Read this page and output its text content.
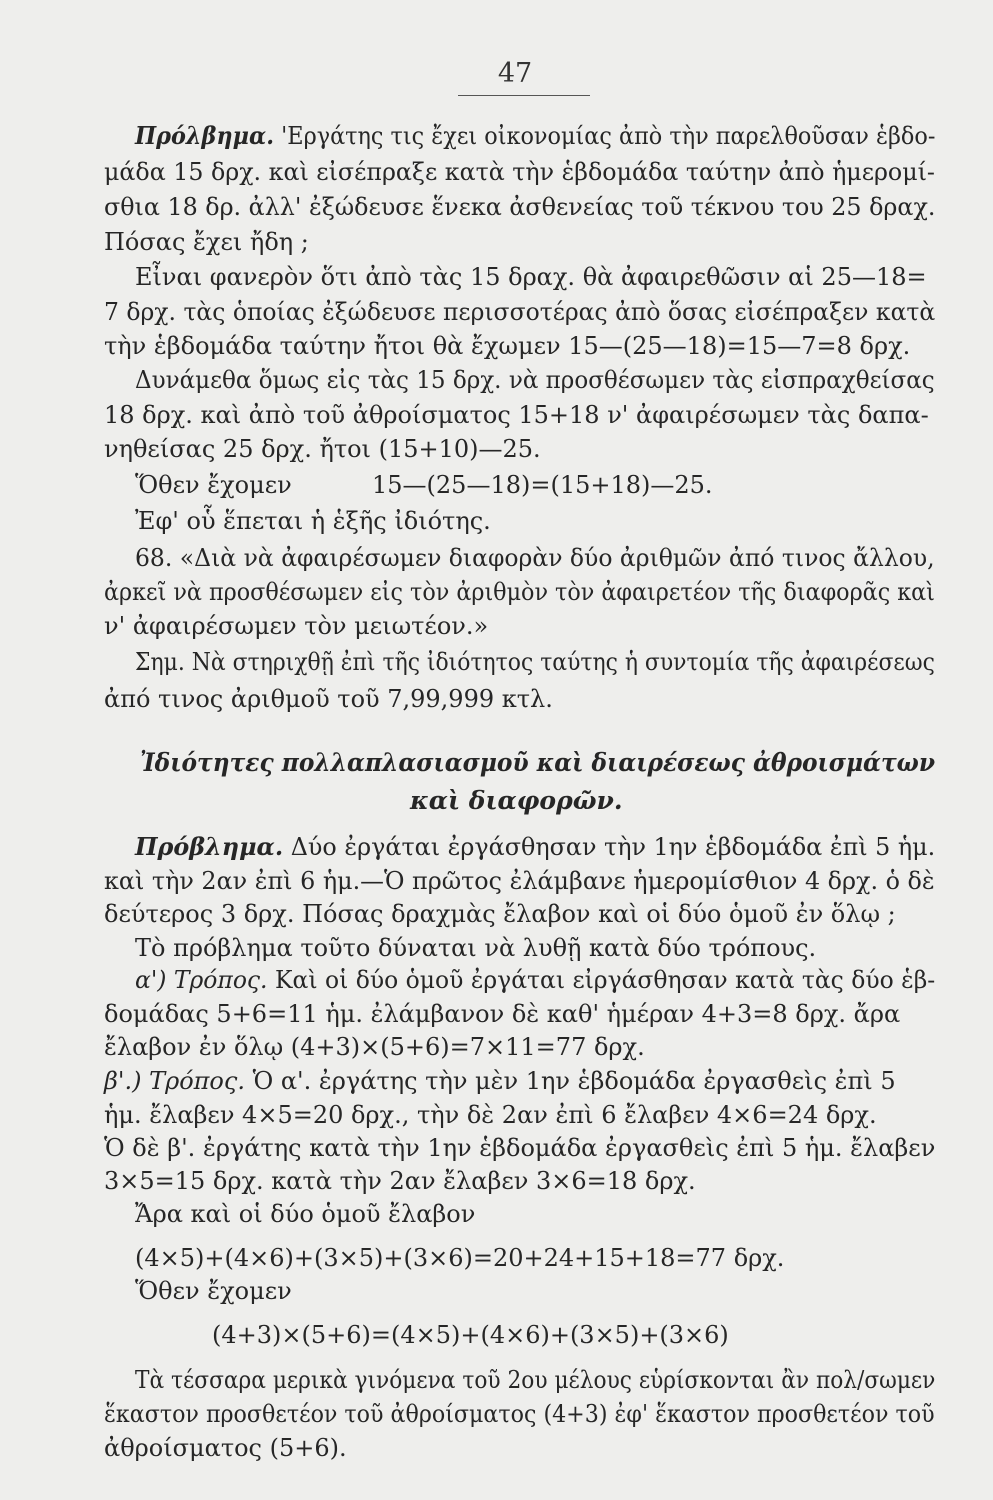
47
Πρόλβημα. 'Εργάτης τις ἔχει οἰκονομίας ἀπὸ τὴν παρελθοῦσαν ἑβδο-
μάδα 15 δρχ. καὶ εἰσέπραξε κατὰ τὴν ἑβδομάδα ταύτην ἀπὸ ἡμερομί-
σθια 18 δρ. ἀλλ' ἐξώδευσε ἕνεκα ἀσθενείας τοῦ τέκνου του 25 δραχ.
Πόσας ἔχει ἤδη ;
Εἶναι φανερὸν ὅτι ἀπὸ τὰς 15 δραχ. θὰ ἀφαιρεθῶσιν αἱ 25—18=
7 δρχ. τὰς ὁποίας ἐξώδευσε περισσοτέρας ἀπὸ ὅσας εἰσέπραξεν κατὰ
τὴν ἑβδομάδα ταύτην ἤτοι θὰ ἔχωμεν 15—(25—18)=15—7=8 δρχ.
Δυνάμεθα ὅμως εἰς τὰς 15 δρχ. νὰ προσθέσωμεν τὰς εἰσπραχθείσας
18 δρχ. καὶ ἀπὸ τοῦ ἀθροίσματος 15+18 ν' ἀφαιρέσωμεν τὰς δαπα-
νηθείσας 25 δρχ. ἤτοι (15+10)—25.
Ὅθεν ἔχομεν	15—(25—18)=(15+18)—25.
Ἐφ' οὗ ἕπεται ἡ ἑξῆς ἰδιότης.
68. «Διὰ νὰ ἀφαιρέσωμεν διαφορὰν δύο ἀριθμῶν ἀπό τινος ἄλλου,
ἀρκεῖ νὰ προσθέσωμεν εἰς τὸν ἀριθμὸν τὸν ἀφαιρετέον τῆς διαφορᾶς καὶ
ν' ἀφαιρέσωμεν τὸν μειωτέον.»
Σημ. Νὰ στηριχθῇ ἐπὶ τῆς ἰδιότητος ταύτης ἡ συντομία τῆς ἀφαιρέσεως
ἀπό τινος ἀριθμοῦ τοῦ 7,99,999 κτλ.
Ἰδιότητες πολλαπλασιασμοῦ καὶ διαιρέσεως ἀθροισμάτων
καὶ διαφορῶν.
Πρόβλημα. Δύο ἐργάται ἐργάσθησαν τὴν 1ην ἑβδομάδα ἐπὶ 5 ἡμ.
καὶ τὴν 2αν ἐπὶ 6 ἡμ.—Ὁ πρῶτος ἐλάμβανε ἡμερομίσθιον 4 δρχ. ὁ δὲ
δεύτερος 3 δρχ. Πόσας δραχμὰς ἔλαβον καὶ οἱ δύο ὁμοῦ ἐν ὅλῳ ;
Τὸ πρόβλημα τοῦτο δύναται νὰ λυθῇ κατὰ δύο τρόπους.
α') Τρόπος. Καὶ οἱ δύο ὁμοῦ ἐργάται εἰργάσθησαν κατὰ τὰς δύο ἑβ-
δομάδας 5+6=11 ἡμ. ἐλάμβανον δὲ καθ' ἡμέραν 4+3=8 δρχ. ἄρα
ἔλαβον ἐν ὅλῳ (4+3)×(5+6)=7×11=77 δρχ.
β'.) Τρόπος. Ὁ α'. ἐργάτης τὴν μὲν 1ην ἑβδομάδα ἐργασθεὶς ἐπὶ 5
ἡμ. ἔλαβεν 4×5=20 δρχ., τὴν δὲ 2αν ἐπὶ 6 ἔλαβεν 4×6=24 δρχ.
Ὁ δὲ β'. ἐργάτης κατὰ τὴν 1ην ἑβδομάδα ἐργασθεὶς ἐπὶ 5 ἡμ. ἔλαβεν
3×5=15 δρχ. κατὰ τὴν 2αν ἔλαβεν 3×6=18 δρχ.
Ἄρα καὶ οἱ δύο ὁμοῦ ἔλαβον
(4×5)+(4×6)+(3×5)+(3×6)=20+24+15+18=77 δρχ.
Ὅθεν ἔχομεν
(4+3)×(5+6)=(4×5)+(4×6)+(3×5)+(3×6)
Τὰ τέσσαρα μερικὰ γινόμενα τοῦ 2ου μέλους εὑρίσκονται ἂν πολ/σωμεν
ἕκαστον προσθετέον τοῦ ἀθροίσματος (4+3) ἐφ' ἕκαστον προσθετέον τοῦ
ἀθροίσματος (5+6).
